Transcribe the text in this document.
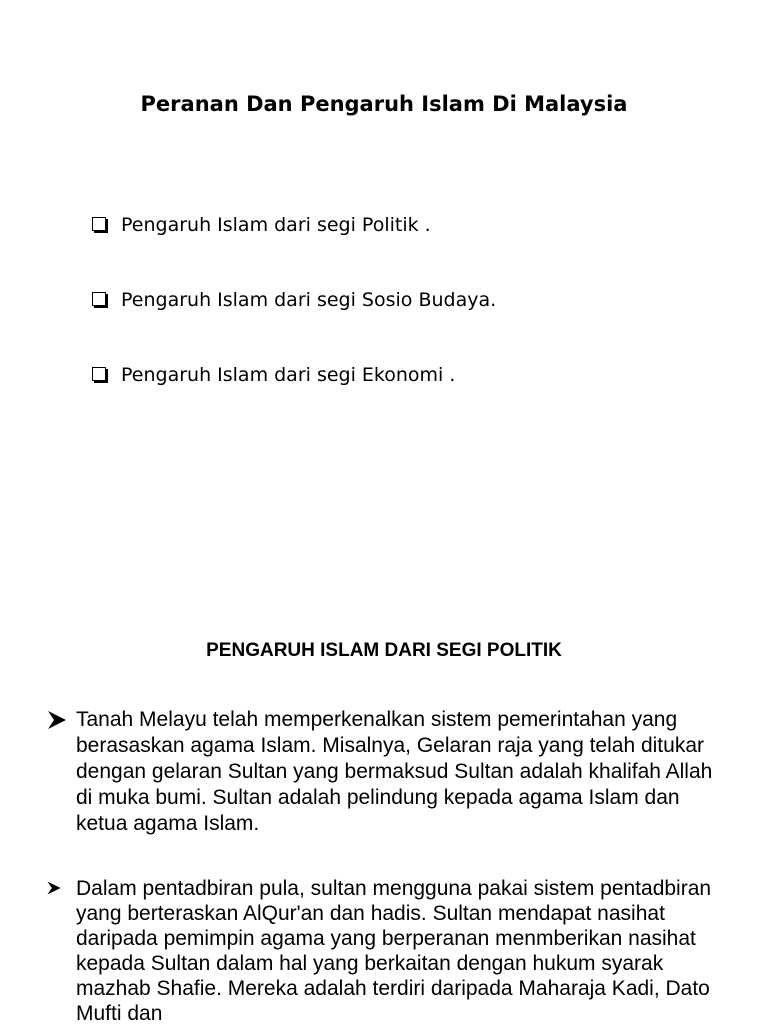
Peranan Dan Pengaruh Islam Di Malaysia
Pengaruh Islam dari segi Politik .
Pengaruh Islam dari segi Sosio Budaya.
Pengaruh Islam dari segi Ekonomi .
PENGARUH ISLAM DARI SEGI POLITIK

Tanah Melayu telah memperkenalkan sistem pemerintahan yang berasaskan agama Islam. Misalnya, Gelaran raja yang telah ditukar dengan gelaran Sultan yang bermaksud Sultan adalah khalifah Allah di muka bumi. Sultan adalah pelindung kepada agama Islam dan ketua agama Islam.

Dalam pentadbiran pula, sultan mengguna pakai sistem pentadbiran yang berteraskan AlQur'an dan hadis. Sultan mendapat nasihat daripada pemimpin agama yang berperanan menmberikan nasihat kepada Sultan dalam hal yang berkaitan dengan hukum syarak mazhab Shafie. Mereka adalah terdiri daripada Maharaja Kadi, Dato Mufti dan
